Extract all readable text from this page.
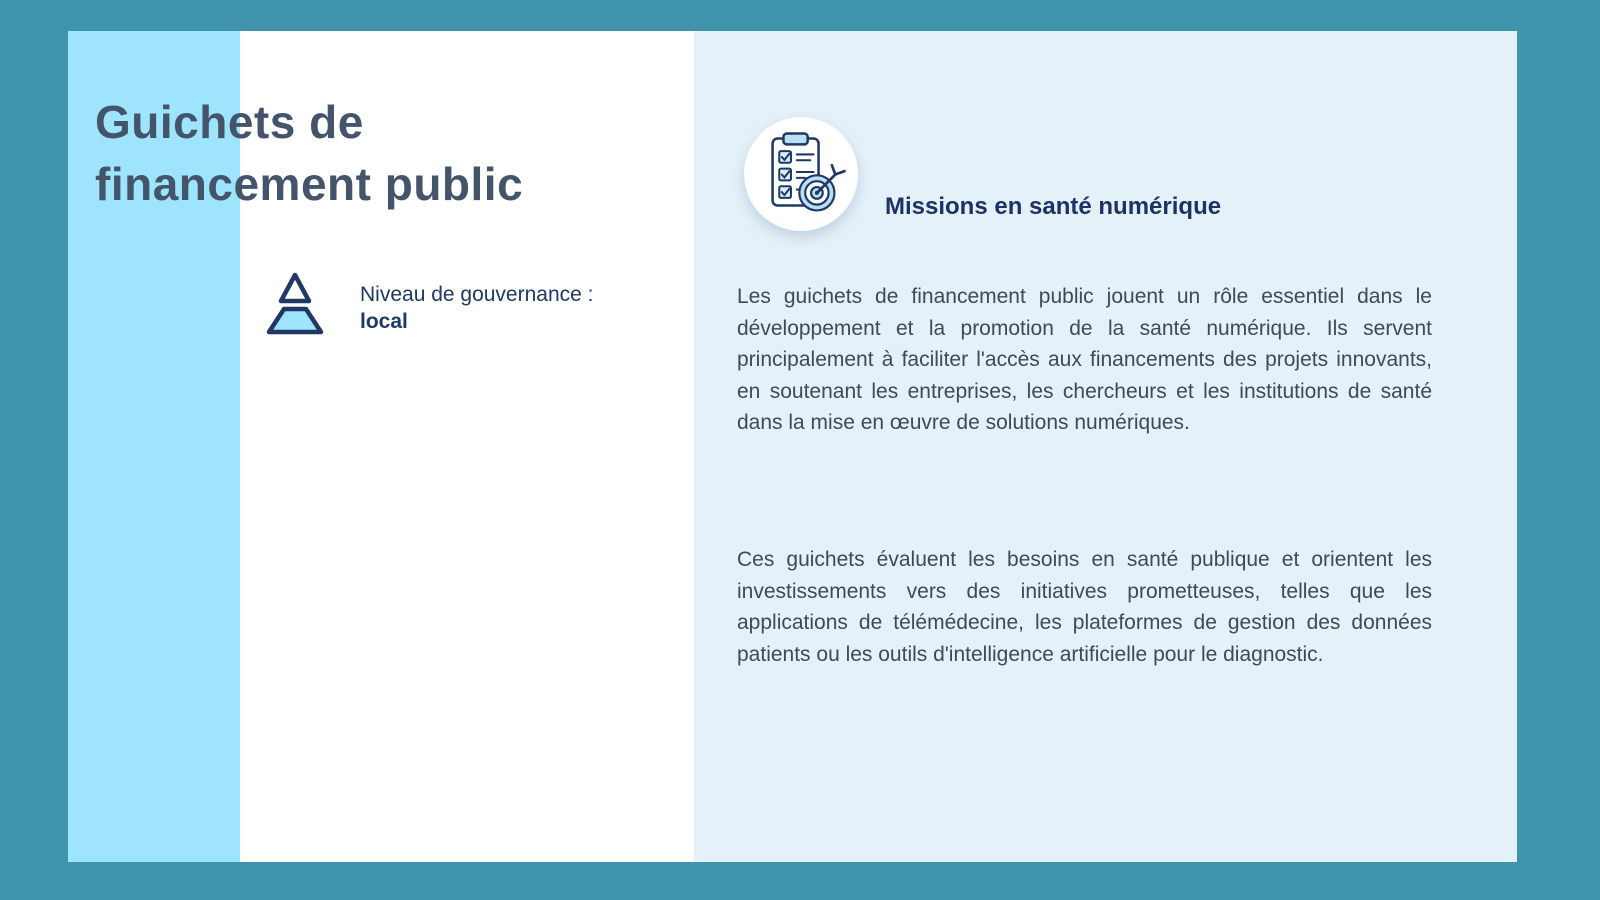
Guichets de financement public
Niveau de gouvernance :
local
Missions en santé numérique

Les guichets de financement public jouent un rôle essentiel dans le développement et la promotion de la santé numérique. Ils servent principalement à faciliter l'accès aux financements des projets innovants, en soutenant les entreprises, les chercheurs et les institutions de santé dans la mise en œuvre de solutions numériques.

Ces guichets évaluent les besoins en santé publique et orientent les investissements vers des initiatives prometteuses, telles que les applications de télémédecine, les plateformes de gestion des données patients ou les outils d'intelligence artificielle pour le diagnostic.
